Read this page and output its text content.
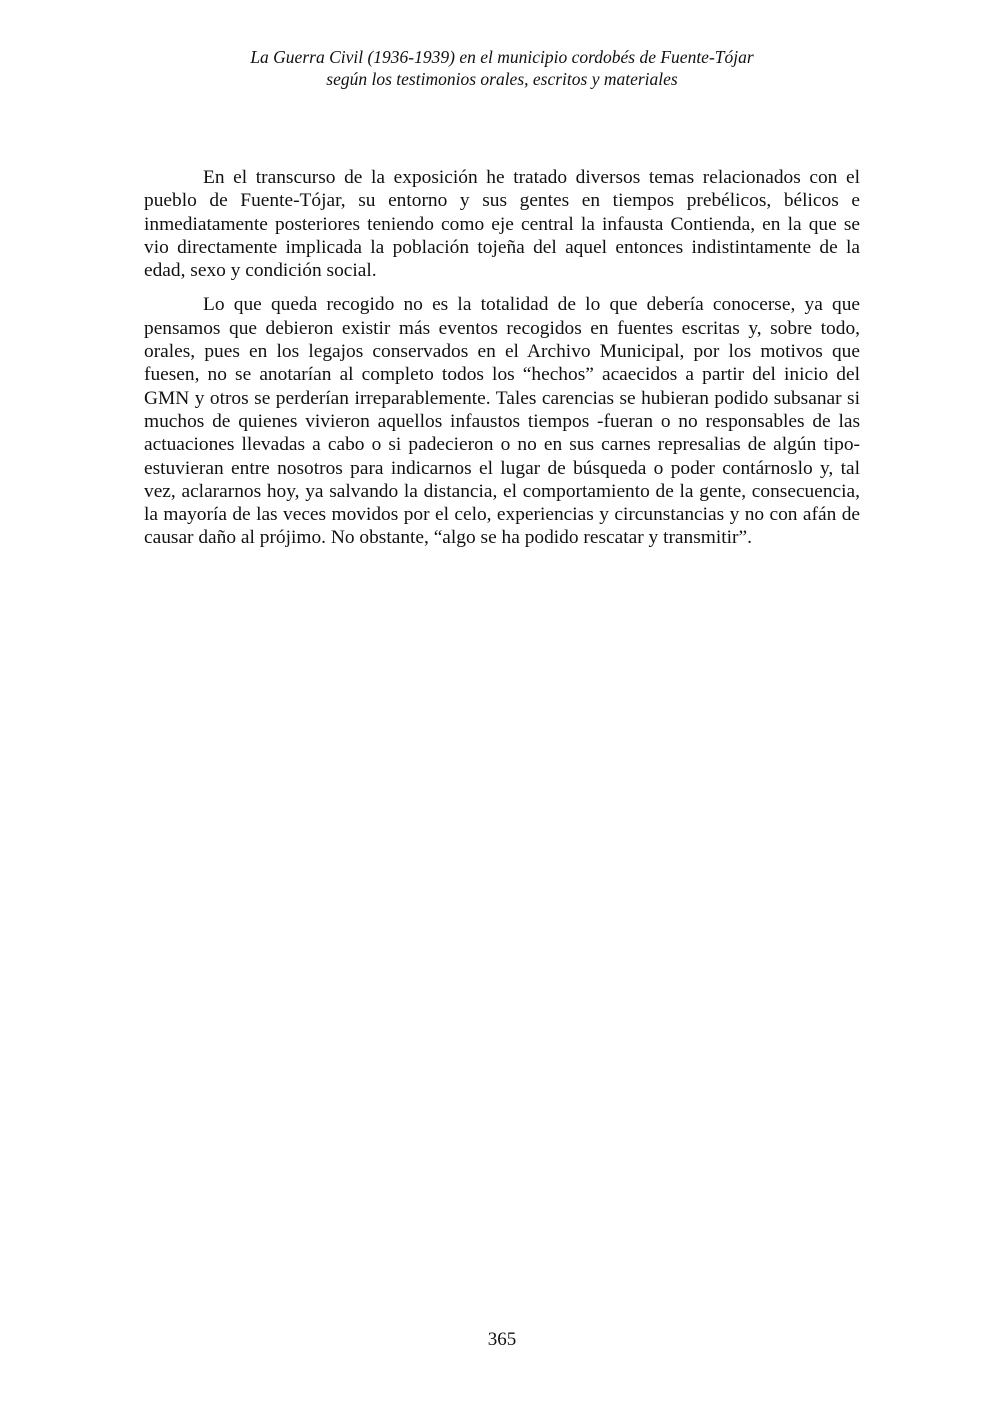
La Guerra Civil (1936-1939) en el municipio cordobés de Fuente-Tójar
según los testimonios orales, escritos y materiales

En el transcurso de la exposición he tratado diversos temas relacionados con el pueblo de Fuente-Tójar, su entorno y sus gentes en tiempos prebélicos, bélicos e inmediatamente posteriores teniendo como eje central la infausta Contienda, en la que se vio directamente implicada la población tojeña del aquel entonces indistintamente de la edad, sexo y condición social.

Lo que queda recogido no es la totalidad de lo que debería conocerse, ya que pensamos que debieron existir más eventos recogidos en fuentes escritas y, sobre todo, orales, pues en los legajos conservados en el Archivo Municipal, por los motivos que fuesen, no se anotarían al completo todos los “hechos” acaecidos a partir del inicio del GMN y otros se perderían irreparablemente. Tales carencias se hubieran podido subsanar si muchos de quienes vivieron aquellos infaustos tiempos -fueran o no responsables de las actuaciones llevadas a cabo o si padecieron o no en sus carnes represalias de algún tipo- estuvieran entre nosotros para indicarnos el lugar de búsqueda o poder contárnoslo y, tal vez, aclararnos hoy, ya salvando la distancia, el comportamiento de la gente, consecuencia, la mayoría de las veces movidos por el celo, experiencias y circunstancias y no con afán de causar daño al prójimo. No obstante, “algo se ha podido rescatar y transmitir”.

365
